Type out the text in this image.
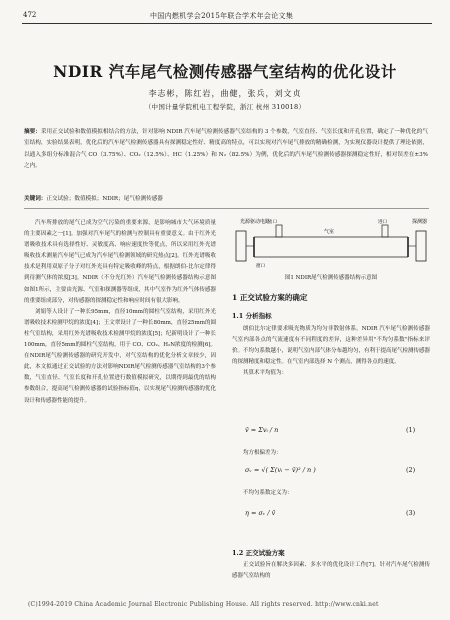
472	中国内燃机学会2015年联合学术年会论文集
NDIR 汽车尾气检测传感器气室结构的优化设计
李志彬，陈红岩，曲健，张兵，刘文贞
（中国计量学院机电工程学院，浙江 杭州 310018）
摘要：采用正交试验和数值模拟相结合的方法，针对影响 NDIR 汽车尾气检测传感器气室结构的 3 个参数，气室直径、气室长度和开孔位置，确定了一种优化的气室结构，实验结果表明，优化后的汽车尾气检测传感器具有探测稳定性好、精度高的特点，可以实现对汽车尾气排放的精确检测，为实现仪器设计提供了理论依据，以通入多组分标准混合气 CO（3.75%）、CO₂（12.5%）、HC（1.25%）和 N₂（82.5%）为例，优化后的汽车尾气检测传感器探测稳定性好，相对误差在±3%之内。
关键词：正交试验；数值模拟；NDIR；尾气检测传感器

汽车所排放的尾气已成为空气污染的重要来源，是影响城市大气环境质量的主要因素之一[1]。加强对汽车尾气的检测与控制具有重要意义。由于红外光谱吸收技术具有选择性好、灵敏度高、响应速度快等优点，所以采用红外光谱吸收技术测量汽车尾气已成为汽车尾气检测领域的研究热点[2]。红外光谱吸收技术是利用双原子分子对红外光具有特定吸收峰的特点，根据朗伯-比尔定律得到待测气体的浓度[3]。NDIR（不分光红外）汽车尾气检测传感器结构示意图如图1所示，主要由光源、气室和探测器等组成，其中气室作为红外气体传感器的重要组成部分，对传感器的探测稳定性和响应时间有很大影响。

刘娟等人设计了一种长95mm，直径10mm的圆柱气室结构，采用红外光谱吸收技术检测甲烷的浓度[4]；王文翠设计了一种长80mm，直径25mm的圆柱气室结构，采用红外光谱吸收技术检测甲烷的浓度[5]；纪新明设计了一种长100mm，直径5mm的圆柱气室结构，用于 CO、CO₂、H₂N浓度的检测[6]。在NDIR尾气检测传感器的研究开发中，对气室结构的优化分析文章较少，因此，本文拟通过正交试验的方法对影响NDIR尾气检测传感器气室结构的3个参数，气室直径、气室长度和开孔位置进行数值模拟研究，以期得到最优的结构参数组合，提高尾气检测传感器的试验指标值η，以实现尾气检测传感器的优化设计和传感器性能的提升。

光源驱动电路
气室
探测器
出口	进口
窗口
图1 NDIR尾气检测传感器结构示意图
1 正交试验方案的确定
1.1 分析指标

朗伯比尔定律要求吸光物质为均匀非散射体系。NDIR 汽车尾气检测传感器气室内部各点的气流速度有不同程度的差异，这种差异用"不均匀系数"指标来评价。不均匀系数越小，说明气室内部气体分布越均匀，有利于提高尾气检测传感器的探测精度和稳定性。在气室内部选择 N 个测点，测得各点的速度。

其算术平均值为：

v̄ = Σvᵢ / n	(1)

均方根偏差为：

σᵥ = √( Σ(vᵢ − v̄)² / n )	(2)

不均匀系数定义为：

η = σᵥ / v̄	(3)
1.2 正交试验方案

正交试验旨在解决多因素、多水平的优化设计工作[7]。针对汽车尾气检测传感器气室结构的

(C)1994-2019 China Academic Journal Electronic Publishing House. All rights reserved. http://www.cnki.net
